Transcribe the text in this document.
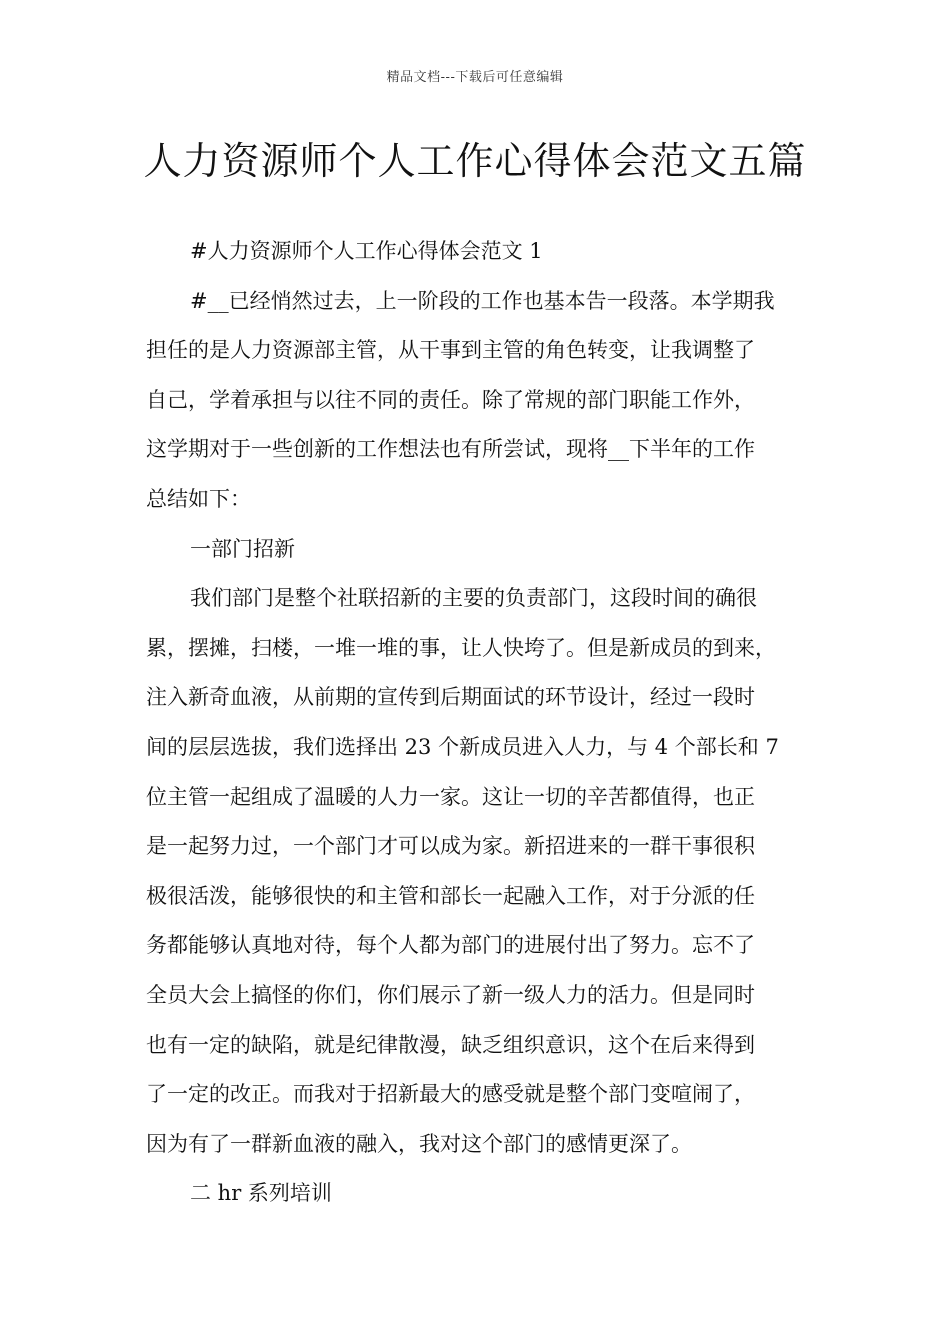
精品文档---下载后可任意编辑
人力资源师个人工作心得体会范文五篇
#人力资源师个人工作心得体会范文 1
#__已经悄然过去，上一阶段的工作也基本告一段落。本学期我
担任的是人力资源部主管，从干事到主管的角色转变，让我调整了
自己，学着承担与以往不同的责任。除了常规的部门职能工作外，
这学期对于一些创新的工作想法也有所尝试，现将__下半年的工作
总结如下：
一部门招新
我们部门是整个社联招新的主要的负责部门，这段时间的确很
累，摆摊，扫楼，一堆一堆的事，让人快垮了。但是新成员的到来，
注入新奇血液，从前期的宣传到后期面试的环节设计，经过一段时
间的层层选拔，我们选择出 23 个新成员进入人力，与 4 个部长和 7
位主管一起组成了温暖的人力一家。这让一切的辛苦都值得，也正
是一起努力过，一个部门才可以成为家。新招进来的一群干事很积
极很活泼，能够很快的和主管和部长一起融入工作，对于分派的任
务都能够认真地对待，每个人都为部门的进展付出了努力。忘不了
全员大会上搞怪的你们，你们展示了新一级人力的活力。但是同时
也有一定的缺陷，就是纪律散漫，缺乏组织意识，这个在后来得到
了一定的改正。而我对于招新最大的感受就是整个部门变喧闹了，
因为有了一群新血液的融入，我对这个部门的感情更深了。
二 hr 系列培训
